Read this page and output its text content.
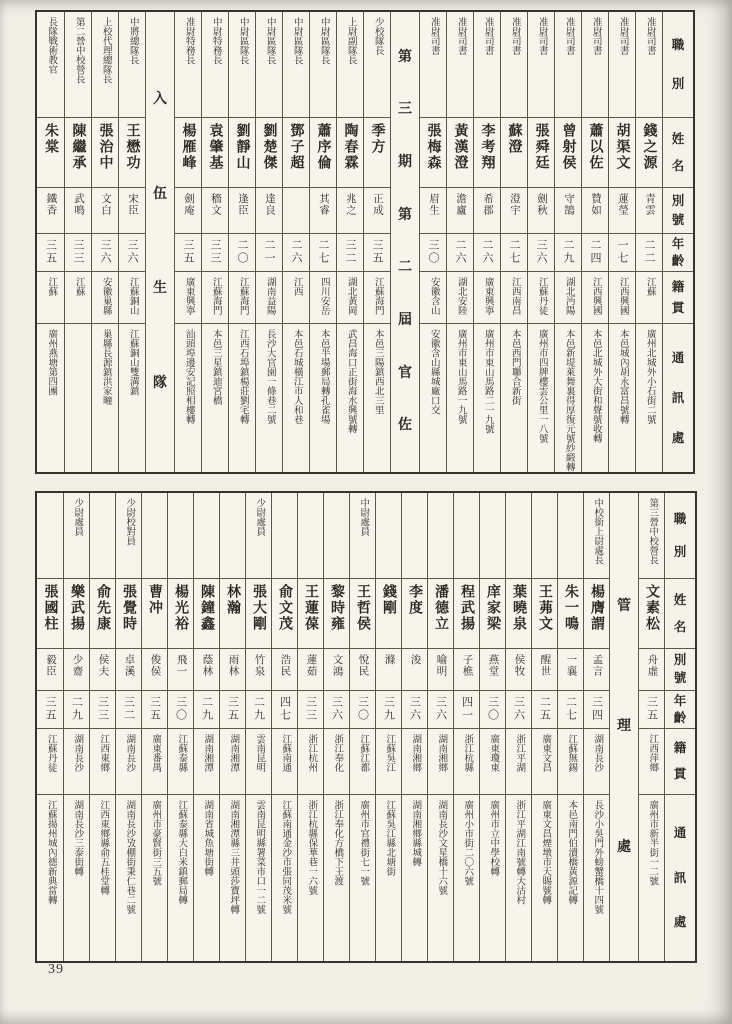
職
別
姓
名
別
號
年
齡
籍
貫
通
訊
處
准尉司書
錢之源
青雲
二二
江蘇
廣州北城外小石街二號
准尉司書
胡渠文
蓮瑩
一七
江西興國
本邑城內胡永富昌號轉
准尉司書
蕭以佐
贊如
二四
江西興國
本邑北城外大街和聲號收轉
准尉司書
曾射侯
守鵠
二九
湖北沔陽
本邑新堤萊舞裏得厚復元號紗緞轉
准尉司書
張舜廷
劍秋
三六
江蘇丹徒
廣州市四牌樓雲公里一八號
准尉司書
蘇澄
澄宇
二七
江西南昌
本邑西門聯合新街
准尉司書
李考翔
希郡
二六
廣東興寧
廣州市東山馬路二一九號
准尉司書
黃漢澄
澹廬
二六
湖北安陸
廣州市東山馬路一九號
准尉司書
張梅森
眉生
三〇
安徽含山
安徽含山縣城廠口交
第
三
期
第
二
屆
官
佐
少校隊長
季方
正成
三五
江蘇海門
本邑三陽鎮西北三里
上尉副隊長
陶春霖
兆之
三二
湖北黃岡
武昌海口正街海水興號轉
中尉區隊長
蕭序倫
其睿
二七
四川安岳
本邑半場郵局轉孔雀場
中尉區隊長
鄧子超
二六
江西
本邑石城橫江市人和巷
中尉區隊長
劉楚傑
達良
二一
湖南益陽
長沙大官園一條巷二號
中尉區隊長
劉靜山
逢臣
二〇
江蘇海門
江西石埠鎮楊莊劉宅轉
中尉特務長
袁肇基
穡文
三三
江蘇海門
本邑三星鎮迪宮橋
准尉特務長
楊雁峰
劍庵
三五
廣東興寧
汕頭埠邊安記照相樓轉
入
伍
生
隊
中將總隊長
王懋功
宋臣
三六
江蘇銅山
江蘇銅山雙溝鎮
上校代理總隊長
張治中
文白
三六
安徽巢縣
巢縣長源鎮洪家疃
第二營中校營長
陳繼承
武鳴
三三
江蘇
長隊戰術教官
朱棠
鐵香
三五
江蘇
廣州燕塘第四團
職
別
姓
名
別
號
年
齡
籍
貫
通
訊
處
第三營中校營長
文素松
舟虛
三五
江西萍鄉
廣州市新半街一二號
管
理
處
中校銜上尉處長
楊膺謂
孟言
三四
湖南長沙
長沙小吳門外螃蟹橋十四號
朱一鳴
一襄
二七
江蘇無錫
本邑南門伯瀆橋黃源記轉
王茀文
醒世
二五
廣東文昌
廣東文昌煙墩市天賜號轉
葉曉泉
侯牧
三六
浙江平湖
浙江平湖江南號轉大沽村
庠家梁
燕堂
三〇
廣東瓊東
廣州市立中學校轉
程武揚
子樵
四一
浙江杭縣
廣州小市街二〇六號
潘德立
喻明
三六
湖南湘鄉
湖南長沙文星橋十六號
李度
浚
三六
湖南湘鄉
湖南湘鄉縣城轉
錢剛
滌
三九
江蘇吳江
江蘇吳江縣北塘街
中尉處員
王哲侯
悅民
三〇
江蘇江都
廣州市官禮街七一號
黎時雍
文鴻
三六
浙江奉化
浙江奉化方橋下王渡
王蓮葆
蓮茹
三三
浙江杭州
浙江杭縣保華巷一六號
俞文茂
浩民
四七
江蘇南通
江蘇南通金沙市張同茂米號
少尉處員
張大剛
竹泉
二九
雲南昆明
雲南昆明縣署菜市口一二號
林瀚
雨林
三五
湖南湘潭
湖南湘潭縣三井頭莎寶坪轉
陳鐘鑫
蔭林
二九
湖南湘潭
湖南省城魚塘街轉
楊光裕
飛一
三〇
江蘇泰縣
江蘇泰縣大白米鎮郵局轉
曹冲
俊侯
三五
廣東番禺
廣州市豪賢街三五號
少尉校對員
張覺時
卓溪
三二
湖南長沙
湖南長沙攷棚街秉仁巷二號
俞先康
侯夫
三三
江西東鄉
江西東鄉縣俞五桂堂轉
少尉處員
樂武揚
少齋
二九
湖南長沙
湖南長沙三泰街轉
張國柱
毅臣
三五
江蘇丹徒
江蘇揚州城內德新典當轉
39
